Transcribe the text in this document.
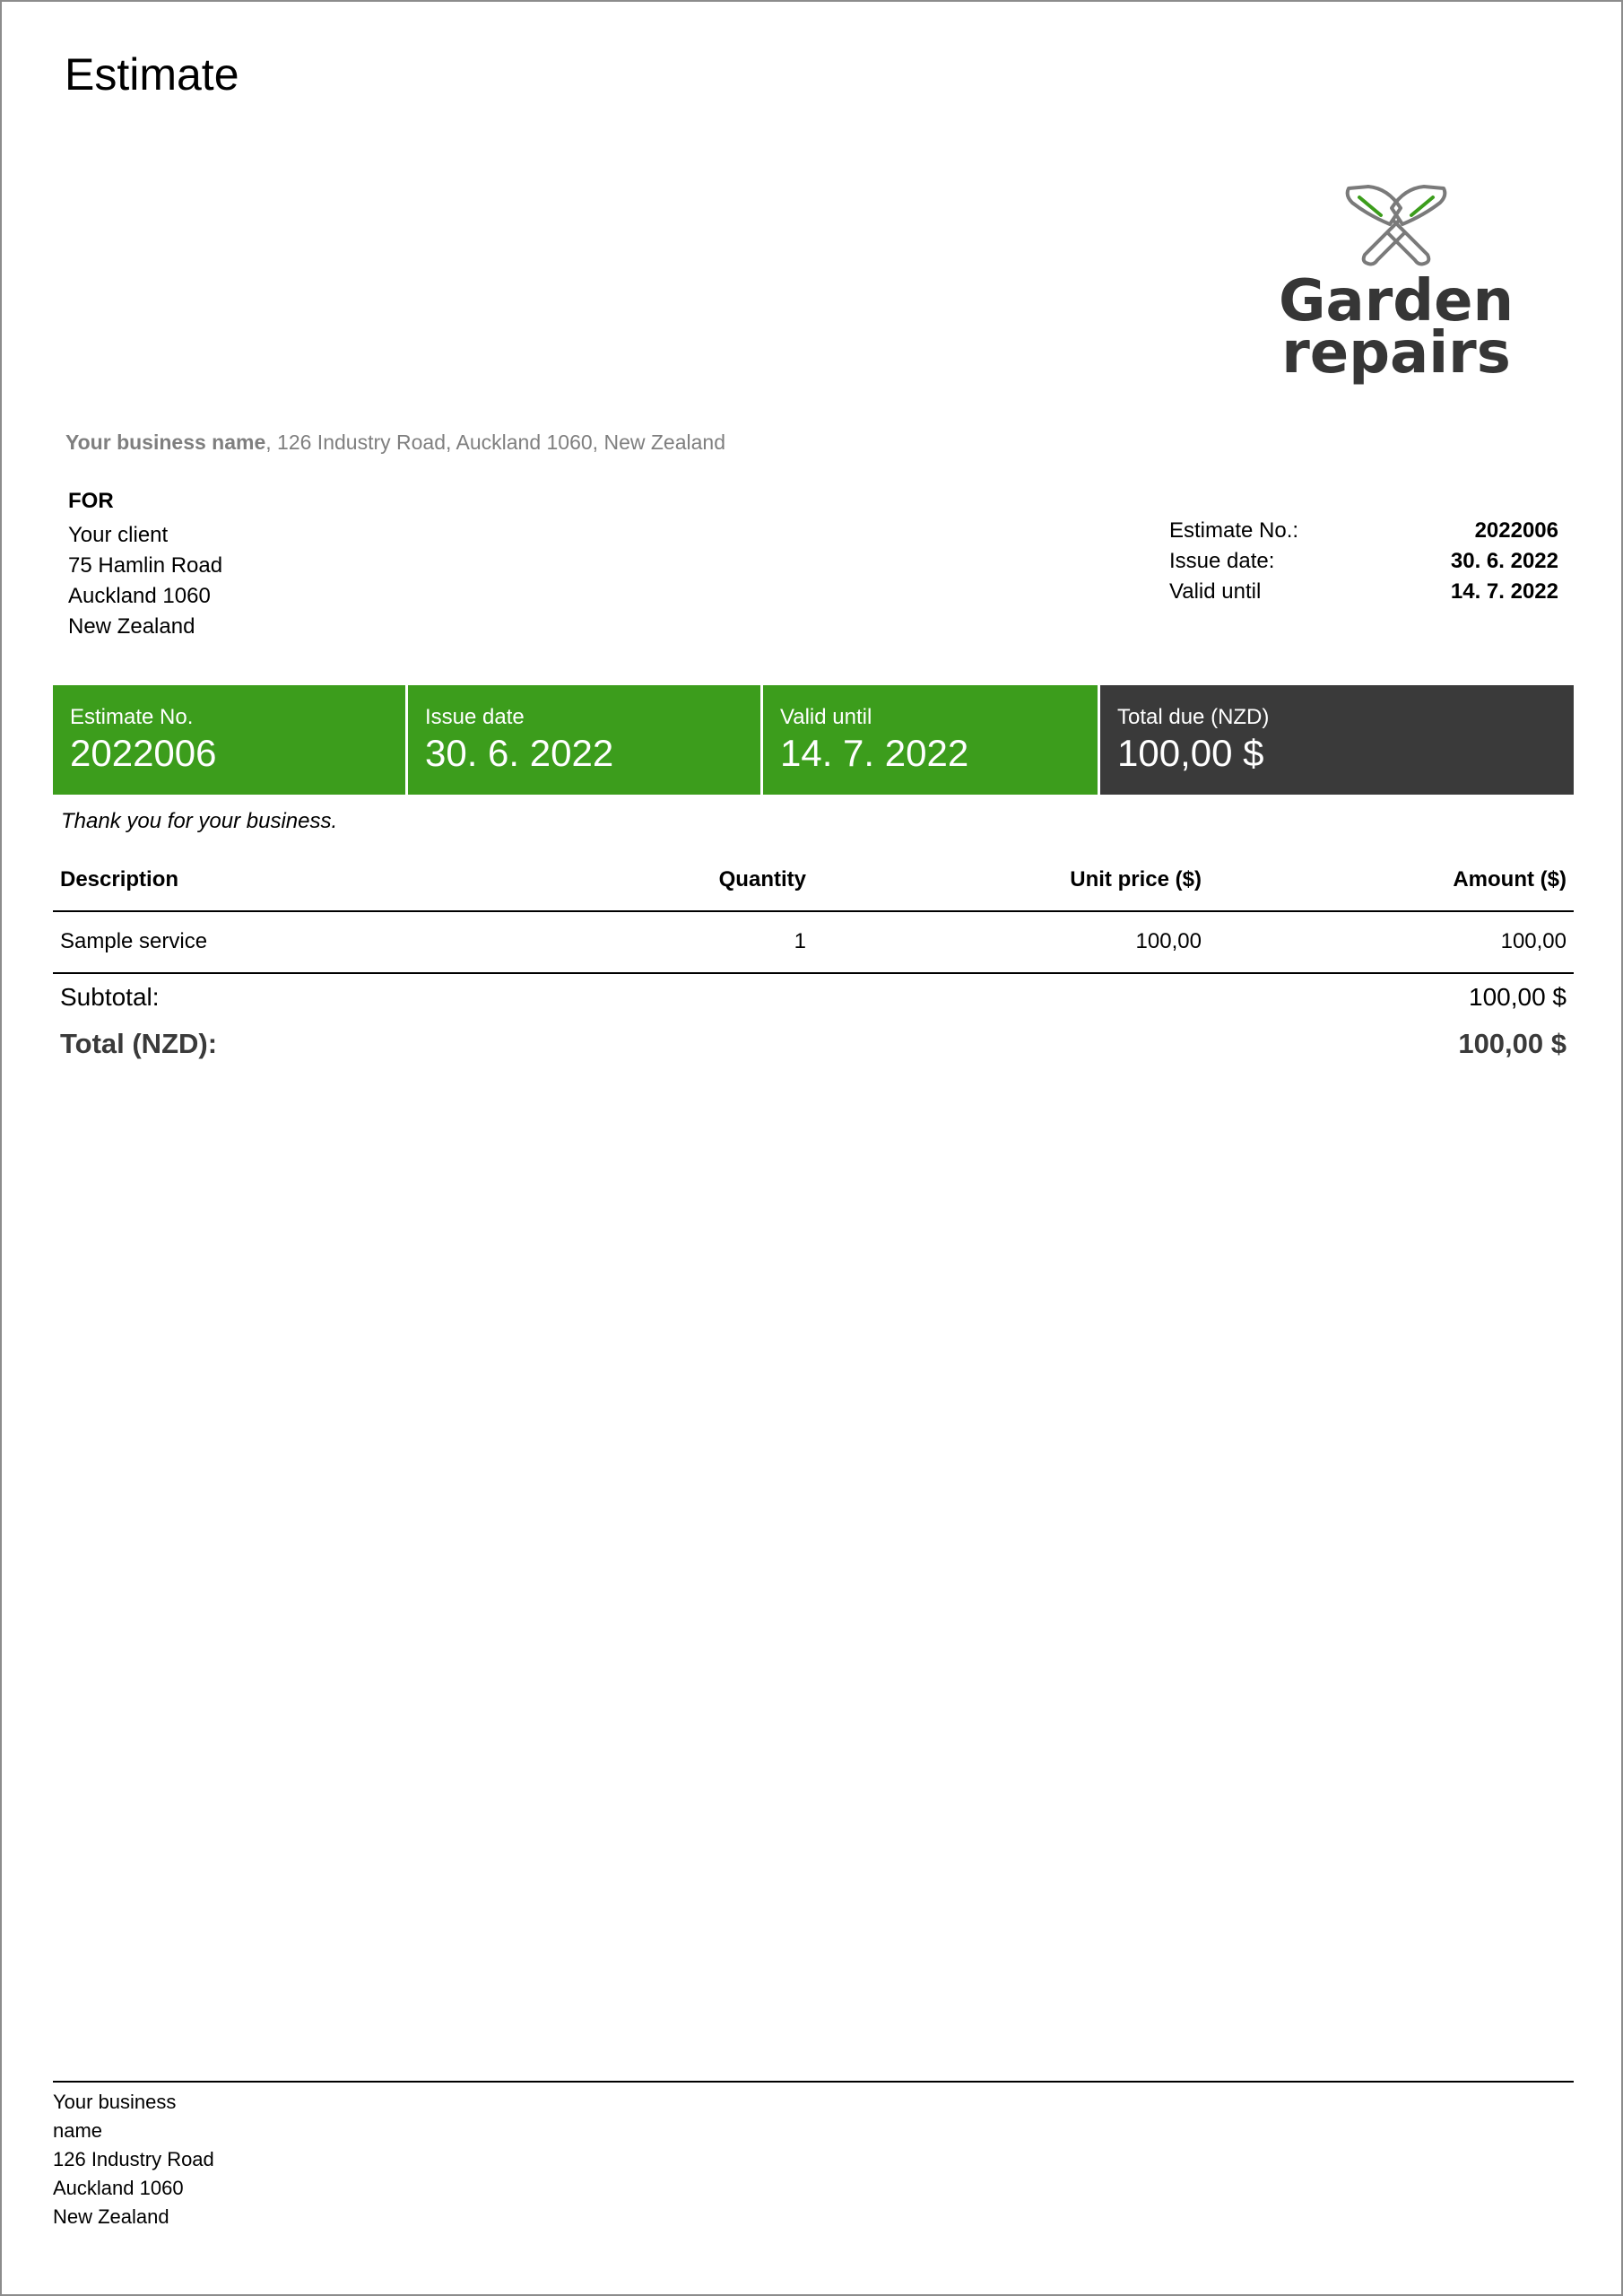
Estimate
Garden
repairs
Your business name, 126 Industry Road, Auckland 1060, New Zealand
FOR
Your client
75 Hamlin Road
Auckland 1060
New Zealand
Estimate No.:	2022006
Issue date:	30. 6. 2022
Valid until	14. 7. 2022
Estimate No.
2022006
Issue date
30. 6. 2022
Valid until
14. 7. 2022
Total due (NZD)
100,00 $
Thank you for your business.
Description	Quantity	Unit price ($)	Amount ($)
Sample service	1	100,00	100,00
Subtotal:	100,00 $
Total (NZD):	100,00 $
Your business
name
126 Industry Road
Auckland 1060
New Zealand
